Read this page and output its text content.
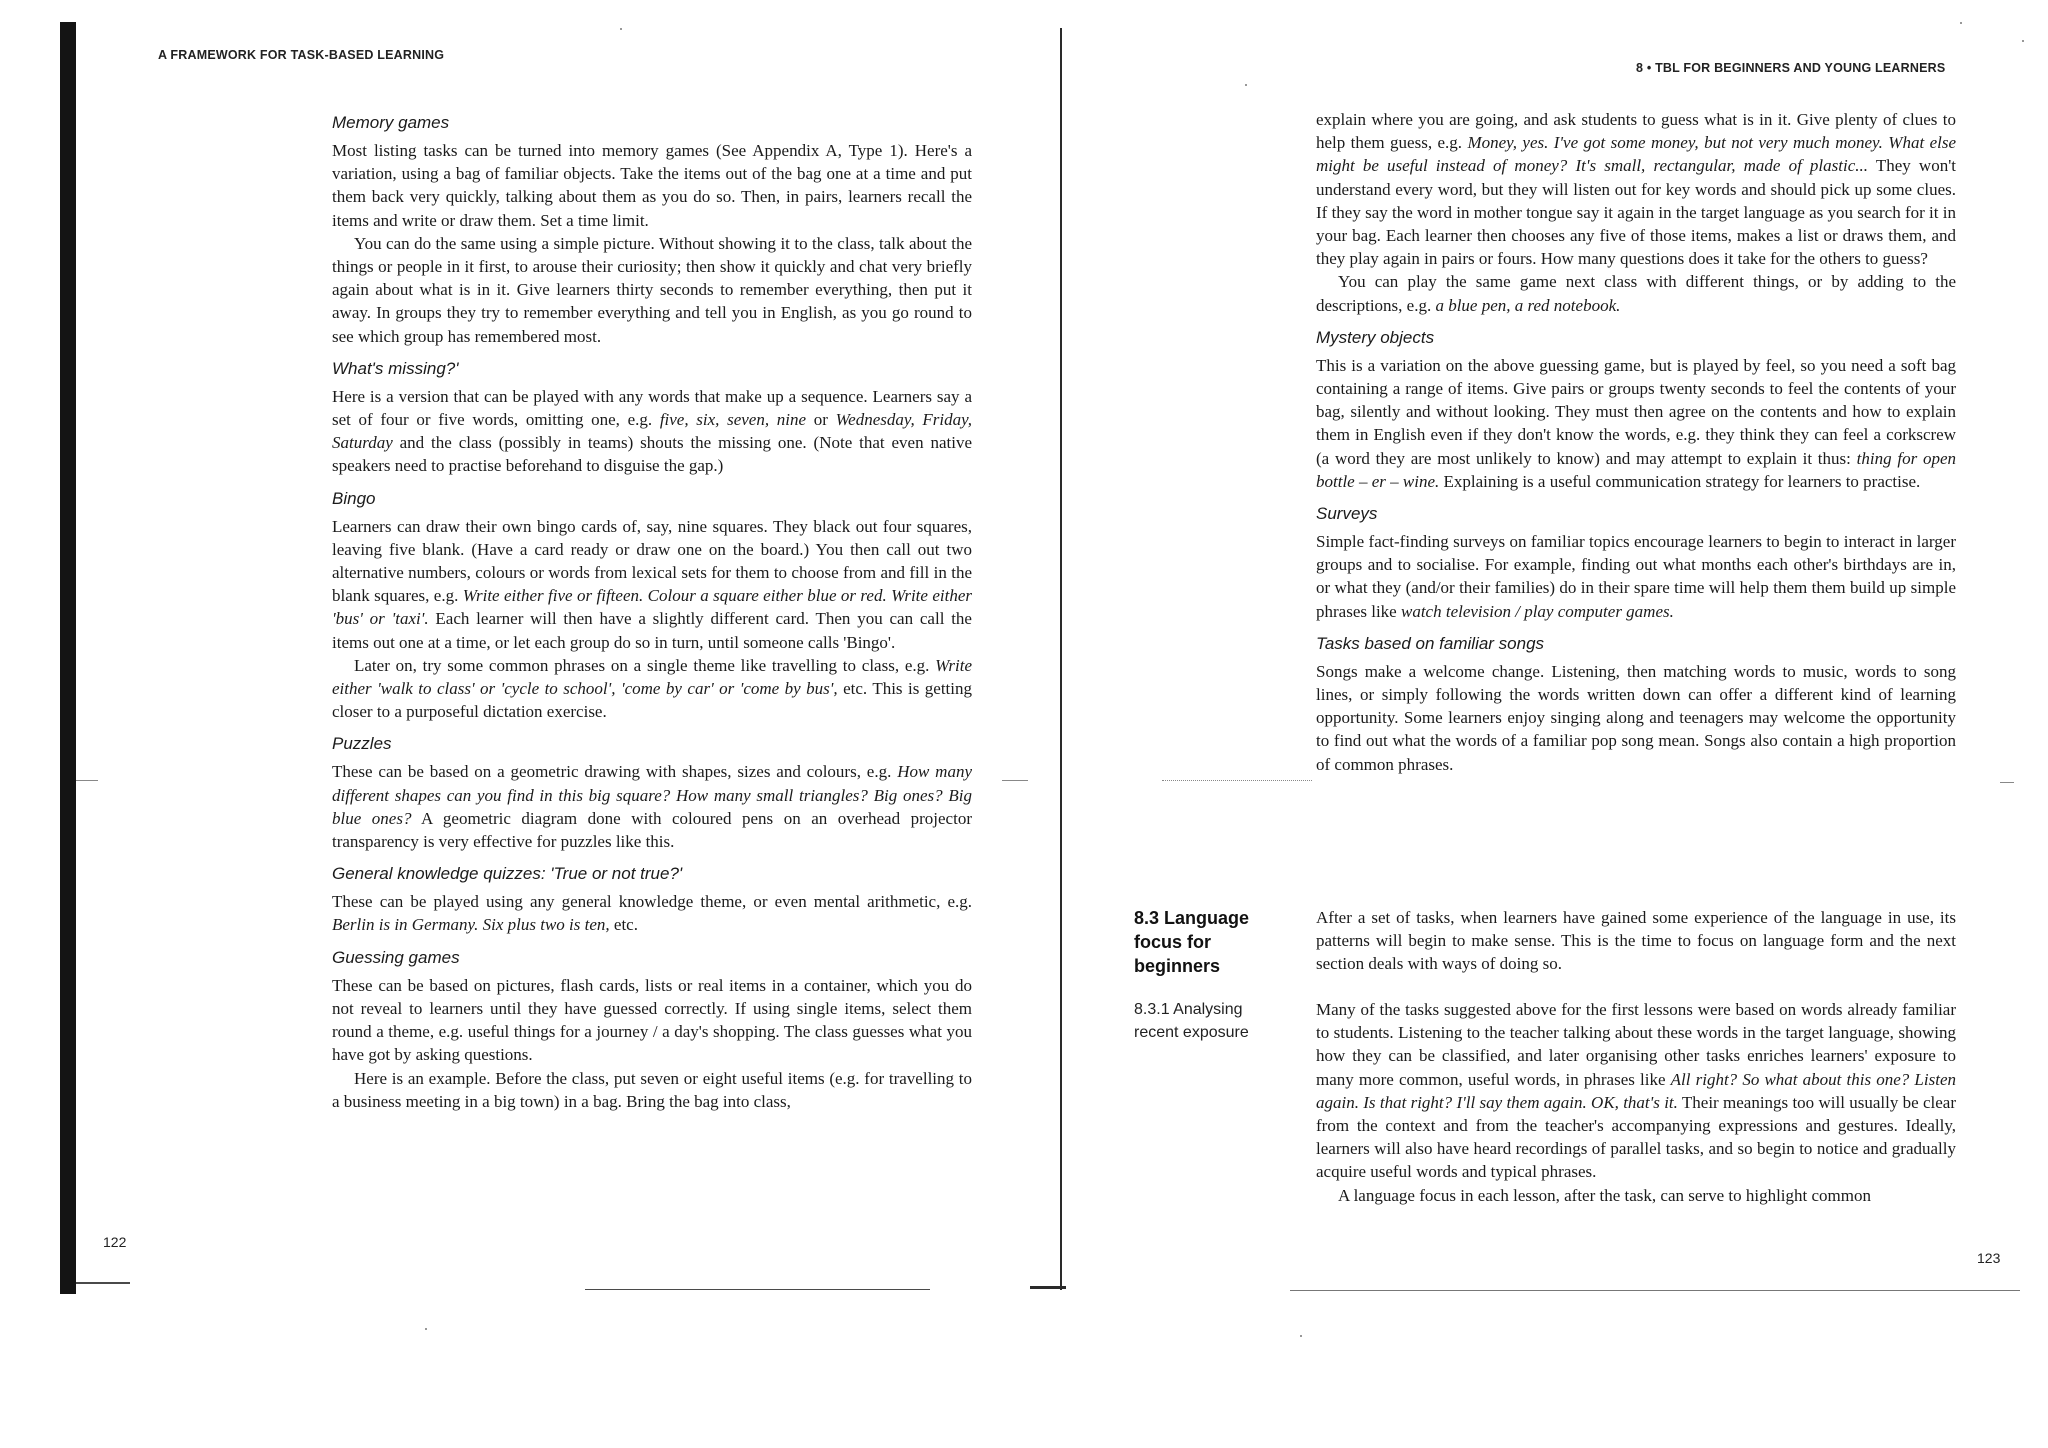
A FRAMEWORK FOR TASK-BASED LEARNING
122
Memory games

Most listing tasks can be turned into memory games (See Appendix A, Type 1). Here's a variation, using a bag of familiar objects. Take the items out of the bag one at a time and put them back very quickly, talking about them as you do so. Then, in pairs, learners recall the items and write or draw them. Set a time limit.

You can do the same using a simple picture. Without showing it to the class, talk about the things or people in it first, to arouse their curiosity; then show it quickly and chat very briefly again about what is in it. Give learners thirty seconds to remember everything, then put it away. In groups they try to remember everything and tell you in English, as you go round to see which group has remembered most.

What's missing?'

Here is a version that can be played with any words that make up a sequence. Learners say a set of four or five words, omitting one, e.g. five, six, seven, nine or Wednesday, Friday, Saturday and the class (possibly in teams) shouts the missing one. (Note that even native speakers need to practise beforehand to disguise the gap.)

Bingo

Learners can draw their own bingo cards of, say, nine squares. They black out four squares, leaving five blank. (Have a card ready or draw one on the board.) You then call out two alternative numbers, colours or words from lexical sets for them to choose from and fill in the blank squares, e.g. Write either five or fifteen. Colour a square either blue or red. Write either 'bus' or 'taxi'. Each learner will then have a slightly different card. Then you can call the items out one at a time, or let each group do so in turn, until someone calls 'Bingo'.

Later on, try some common phrases on a single theme like travelling to class, e.g. Write either 'walk to class' or 'cycle to school', 'come by car' or 'come by bus', etc. This is getting closer to a purposeful dictation exercise.

Puzzles

These can be based on a geometric drawing with shapes, sizes and colours, e.g. How many different shapes can you find in this big square? How many small triangles? Big ones? Big blue ones? A geometric diagram done with coloured pens on an overhead projector transparency is very effective for puzzles like this.

General knowledge quizzes: 'True or not true?'

These can be played using any general knowledge theme, or even mental arithmetic, e.g. Berlin is in Germany. Six plus two is ten, etc.

Guessing games

These can be based on pictures, flash cards, lists or real items in a container, which you do not reveal to learners until they have guessed correctly. If using single items, select them round a theme, e.g. useful things for a journey / a day's shopping. The class guesses what you have got by asking questions.

Here is an example. Before the class, put seven or eight useful items (e.g. for travelling to a business meeting in a big town) in a bag. Bring the bag into class,

8 • TBL FOR BEGINNERS AND YOUNG LEARNERS
123

explain where you are going, and ask students to guess what is in it. Give plenty of clues to help them guess, e.g. Money, yes. I've got some money, but not very much money. What else might be useful instead of money? It's small, rectangular, made of plastic... They won't understand every word, but they will listen out for key words and should pick up some clues. If they say the word in mother tongue say it again in the target language as you search for it in your bag. Each learner then chooses any five of those items, makes a list or draws them, and they play again in pairs or fours. How many questions does it take for the others to guess?

You can play the same game next class with different things, or by adding to the descriptions, e.g. a blue pen, a red notebook.

Mystery objects

This is a variation on the above guessing game, but is played by feel, so you need a soft bag containing a range of items. Give pairs or groups twenty seconds to feel the contents of your bag, silently and without looking. They must then agree on the contents and how to explain them in English even if they don't know the words, e.g. they think they can feel a corkscrew (a word they are most unlikely to know) and may attempt to explain it thus: thing for open bottle – er – wine. Explaining is a useful communication strategy for learners to practise.

Surveys

Simple fact-finding surveys on familiar topics encourage learners to begin to interact in larger groups and to socialise. For example, finding out what months each other's birthdays are in, or what they (and/or their families) do in their spare time will help them them build up simple phrases like watch television / play computer games.

Tasks based on familiar songs

Songs make a welcome change. Listening, then matching words to music, words to song lines, or simply following the words written down can offer a different kind of learning opportunity. Some learners enjoy singing along and teenagers may welcome the opportunity to find out what the words of a familiar pop song mean. Songs also contain a high proportion of common phrases.

8.3 Language focus for beginners

After a set of tasks, when learners have gained some experience of the language in use, its patterns will begin to make sense. This is the time to focus on language form and the next section deals with ways of doing so.

8.3.1 Analysing recent exposure

Many of the tasks suggested above for the first lessons were based on words already familiar to students. Listening to the teacher talking about these words in the target language, showing how they can be classified, and later organising other tasks enriches learners' exposure to many more common, useful words, in phrases like All right? So what about this one? Listen again. Is that right? I'll say them again. OK, that's it. Their meanings too will usually be clear from the context and from the teacher's accompanying expressions and gestures. Ideally, learners will also have heard recordings of parallel tasks, and so begin to notice and gradually acquire useful words and typical phrases.

A language focus in each lesson, after the task, can serve to highlight common
